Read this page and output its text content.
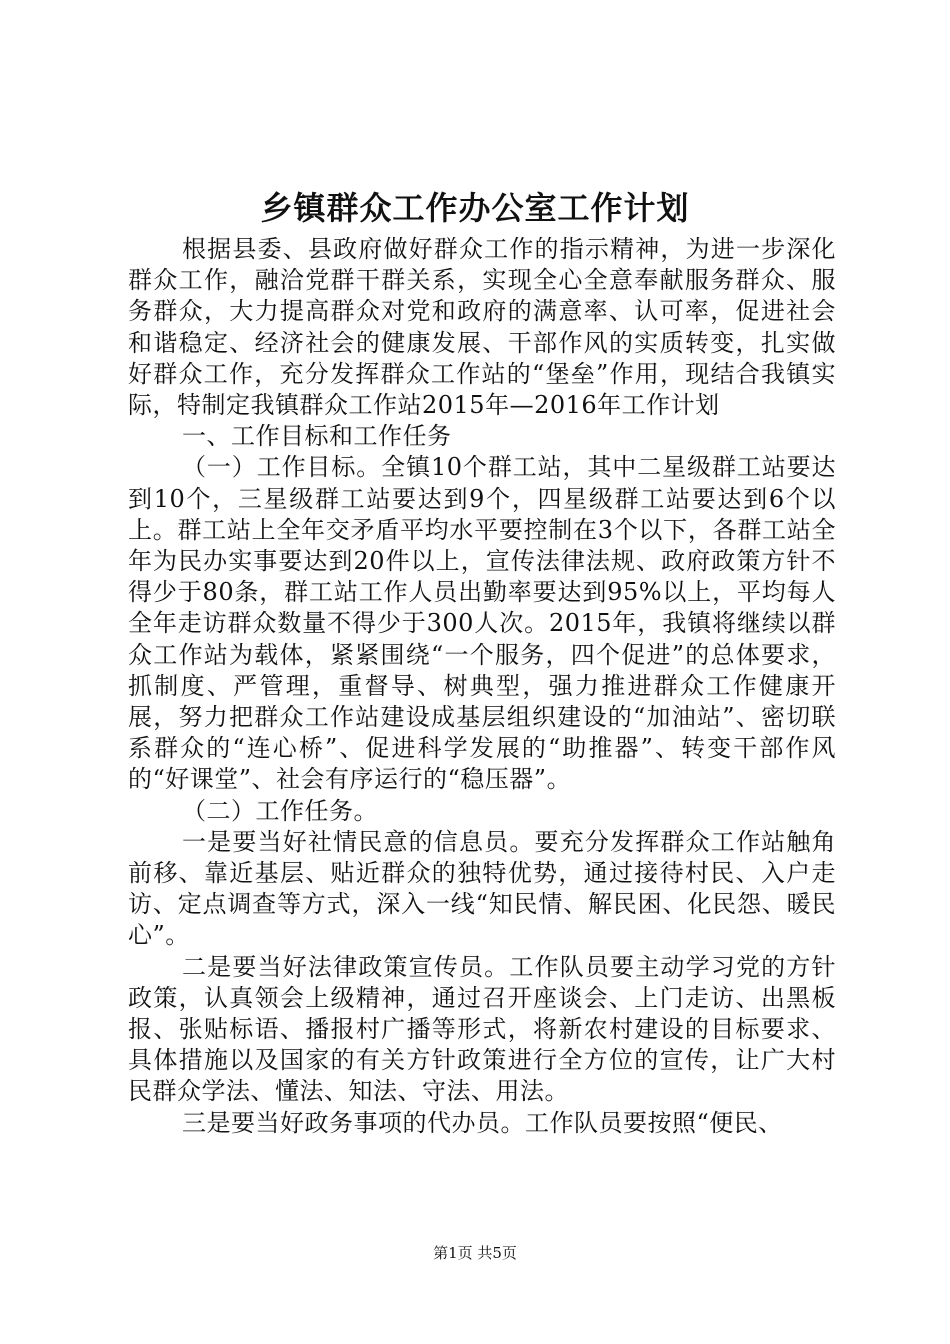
乡镇群众工作办公室工作计划

根据县委、县政府做好群众工作的指示精神，为进一步深化群众工作，融洽党群干群关系，实现全心全意奉献服务群众、服务群众，大力提高群众对党和政府的满意率、认可率，促进社会和谐稳定、经济社会的健康发展、干部作风的实质转变，扎实做好群众工作，充分发挥群众工作站的“堡垒”作用，现结合我镇实际，特制定我镇群众工作站2015年—2016年工作计划

一、工作目标和工作任务

（一）工作目标。全镇10个群工站，其中二星级群工站要达到10个，三星级群工站要达到9个，四星级群工站要达到6个以上。群工站上全年交矛盾平均水平要控制在3个以下，各群工站全年为民办实事要达到20件以上，宣传法律法规、政府政策方针不得少于80条，群工站工作人员出勤率要达到95%以上，平均每人全年走访群众数量不得少于300人次。2015年，我镇将继续以群众工作站为载体，紧紧围绕“一个服务，四个促进”的总体要求，抓制度、严管理，重督导、树典型，强力推进群众工作健康开展，努力把群众工作站建设成基层组织建设的“加油站”、密切联系群众的“连心桥”、促进科学发展的“助推器”、转变干部作风的“好课堂”、社会有序运行的“稳压器”。

（二）工作任务。

一是要当好社情民意的信息员。要充分发挥群众工作站触角前移、靠近基层、贴近群众的独特优势，通过接待村民、入户走访、定点调查等方式，深入一线“知民情、解民困、化民怨、暖民心”。

二是要当好法律政策宣传员。工作队员要主动学习党的方针政策，认真领会上级精神，通过召开座谈会、上门走访、出黑板报、张贴标语、播报村广播等形式，将新农村建设的目标要求、具体措施以及国家的有关方针政策进行全方位的宣传，让广大村民群众学法、懂法、知法、守法、用法。

三是要当好政务事项的代办员。工作队员要按照“便民、

第1页 共5页
